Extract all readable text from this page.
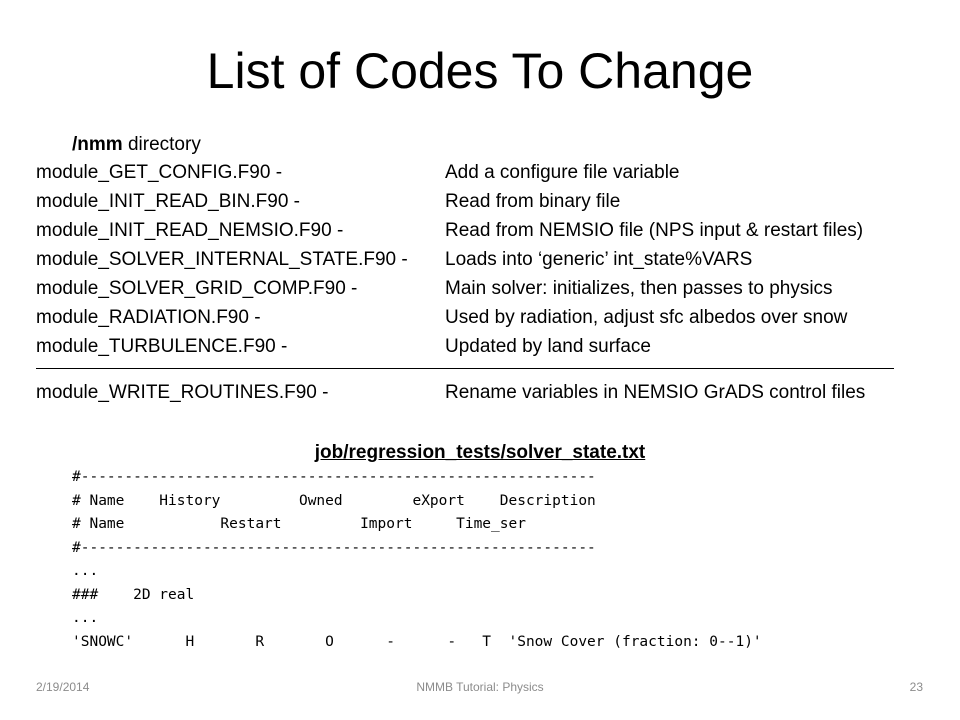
List of Codes To Change
/nmm directory
module_GET_CONFIG.F90 -	Add a configure file variable
module_INIT_READ_BIN.F90 -	Read from binary file
module_INIT_READ_NEMSIO.F90 -	Read from NEMSIO file (NPS input & restart files)
module_SOLVER_INTERNAL_STATE.F90 - Loads into ‘generic’ int_state%VARS
module_SOLVER_GRID_COMP.F90 -	Main solver: initializes, then passes to physics
module_RADIATION.F90 -	Used by radiation, adjust sfc albedos over snow
module_TURBULENCE.F90 -	Updated by land surface
module_WRITE_ROUTINES.F90 -	Rename variables in NEMSIO GrADS control files
job/regression_tests/solver_state.txt
#-----------------------------------------------------------
# Name    History         Owned        eXport    Description
# Name           Restart         Import     Time_ser
#-----------------------------------------------------------
...
###    2D real
...
'SNOWC'      H       R       O      -      -   T  'Snow Cover (fraction: 0--1)'
2/19/2014	NMMB Tutorial: Physics	23
